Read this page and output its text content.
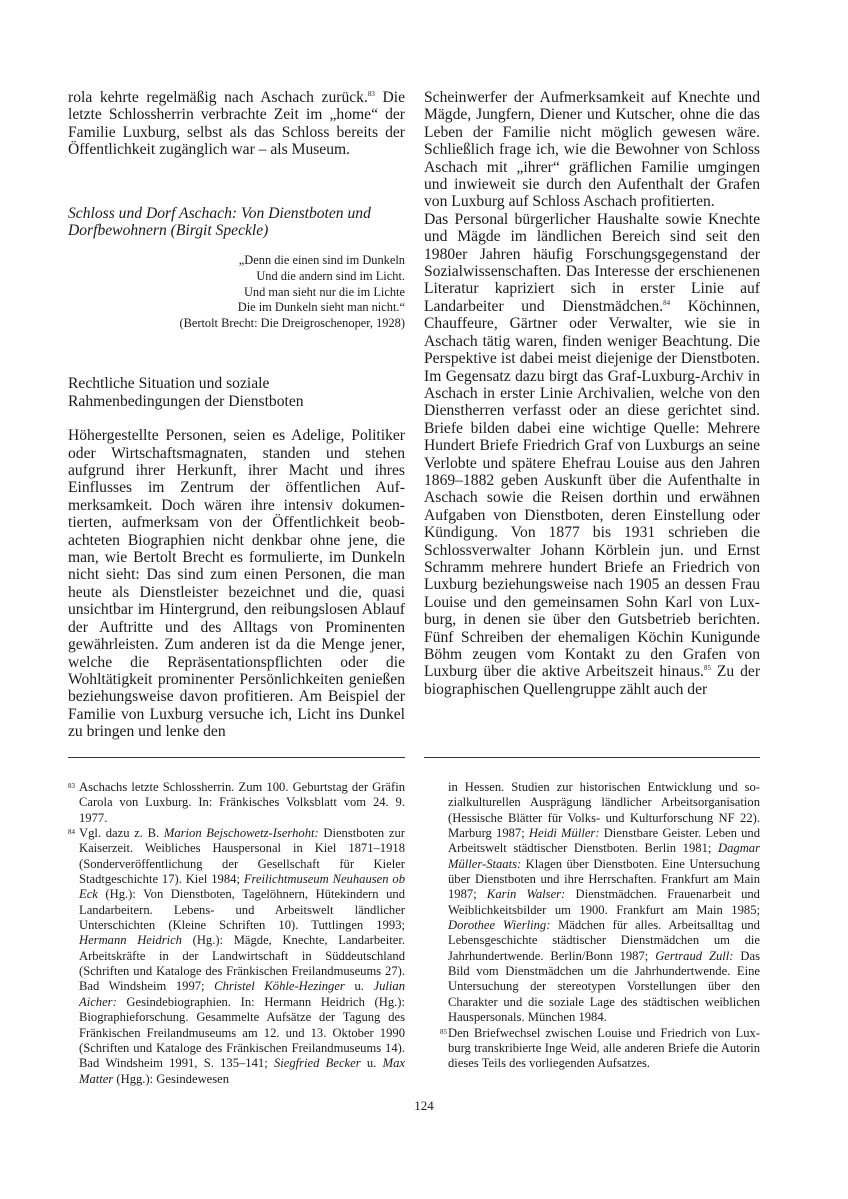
rola kehrte regelmäßig nach Aschach zurück.$^{83}$ Die letzte Schlossherrin verbrachte Zeit im „home“ der Familie Luxburg, selbst als das Schloss bereits der Öffentlichkeit zugänglich war – als Museum.

Schloss und Dorf Aschach: Von Dienstboten und Dorfbewohnern (Birgit Speckle)
„Denn die einen sind im Dunkeln
Und die andern sind im Licht.
Und man sieht nur die im Lichte
Die im Dunkeln sieht man nicht.“
(Bertolt Brecht: Die Dreigroschenoper, 1928)
Rechtliche Situation und soziale Rahmenbedingungen der Dienstboten

Höhergestellte Personen, seien es Adelige, Politiker oder Wirtschaftsmagnaten, standen und stehen aufgrund ihrer Herkunft, ihrer Macht und ihres Einflusses im Zentrum der öffentlichen Aufmerksamkeit. Doch wären ihre intensiv dokumentierten, aufmerksam von der Öffentlichkeit beobachteten Biographien nicht denkbar ohne jene, die man, wie Bertolt Brecht es formulierte, im Dunkeln nicht sieht: Das sind zum einen Personen, die man heute als Dienstleister bezeichnet und die, quasi unsichtbar im Hintergrund, den reibungslosen Ablauf der Auftritte und des Alltags von Prominenten gewährleisten. Zum anderen ist da die Menge jener, welche die Repräsentationspflichten oder die Wohltätigkeit prominenter Persönlichkeiten genießen beziehungsweise davon profitieren. Am Beispiel der Familie von Luxburg versuche ich, Licht ins Dunkel zu bringen und lenke den

Scheinwerfer der Aufmerksamkeit auf Knechte und Mägde, Jungfern, Diener und Kutscher, ohne die das Leben der Familie nicht möglich gewesen wäre. Schließlich frage ich, wie die Bewohner von Schloss Aschach mit „ihrer“ gräflichen Familie umgingen und inwieweit sie durch den Aufenthalt der Grafen von Luxburg auf Schloss Aschach profitierten.

Das Personal bürgerlicher Haushalte sowie Knechte und Mägde im ländlichen Bereich sind seit den 1980er Jahren häufig Forschungsgegenstand der Sozialwissenschaften. Das Interesse der erschienenen Literatur kapriziert sich in erster Linie auf Landarbeiter und Dienstmädchen.$^{84}$ Köchinnen, Chauffeure, Gärtner oder Verwalter, wie sie in Aschach tätig waren, finden weniger Beachtung. Die Perspektive ist dabei meist diejenige der Dienstboten. Im Gegensatz dazu birgt das Graf-Luxburg-Archiv in Aschach in erster Linie Archivalien, welche von den Dienstherren verfasst oder an diese gerichtet sind. Briefe bilden dabei eine wichtige Quelle: Mehrere Hundert Briefe Friedrich Graf von Luxburgs an seine Verlobte und spätere Ehefrau Louise aus den Jahren 1869–1882 geben Auskunft über die Aufenthalte in Aschach sowie die Reisen dorthin und erwähnen Aufgaben von Dienstboten, deren Einstellung oder Kündigung. Von 1877 bis 1931 schrieben die Schlossverwalter Johann Körblein jun. und Ernst Schramm mehrere hundert Briefe an Friedrich von Luxburg beziehungsweise nach 1905 an dessen Frau Louise und den gemeinsamen Sohn Karl von Luxburg, in denen sie über den Gutsbetrieb berichten. Fünf Schreiben der ehemaligen Köchin Kunigunde Böhm zeugen vom Kontakt zu den Grafen von Luxburg über die aktive Arbeitszeit hinaus.$^{85}$ Zu der biographischen Quellengruppe zählt auch der

83 Aschachs letzte Schlossherrin. Zum 100. Geburtstag der Gräfin Carola von Luxburg. In: Fränkisches Volksblatt vom 24. 9. 1977.

84 Vgl. dazu z. B. Marion Bejschowetz-Iserhoht: Dienstboten zur Kaiserzeit. Weibliches Hauspersonal in Kiel 1871–1918 (Sonderveröffentlichung der Gesellschaft für Kieler Stadtgeschichte 17). Kiel 1984; Freilichtmuseum Neuhausen ob Eck (Hg.): Von Dienstboten, Tagelöhnern, Hütekindern und Landarbeitern. Lebens- und Arbeitswelt ländlicher Unterschichten (Kleine Schriften 10). Tuttlingen 1993; Hermann Heidrich (Hg.): Mägde, Knechte, Landarbeiter. Arbeitskräfte in der Landwirtschaft in Süddeutschland (Schriften und Kataloge des Fränkischen Freilandmuseums 27). Bad Windsheim 1997; Christel Köhle-Hezinger u. Julian Aicher: Gesindebiographien. In: Hermann Heidrich (Hg.): Biographieforschung. Gesammelte Aufsätze der Tagung des Fränkischen Freilandmuseums am 12. und 13. Oktober 1990 (Schriften und Kataloge des Fränkischen Freilandmuseums 14). Bad Windsheim 1991, S. 135–141; Siegfried Becker u. Max Matter (Hgg.): Gesindewesen

in Hessen. Studien zur historischen Entwicklung und sozialkulturellen Ausprägung ländlicher Arbeitsorganisation (Hessische Blätter für Volks- und Kulturforschung NF 22). Marburg 1987; Heidi Müller: Dienstbare Geister. Leben und Arbeitswelt städtischer Dienstboten. Berlin 1981; Dagmar Müller-Staats: Klagen über Dienstboten. Eine Untersuchung über Dienstboten und ihre Herrschaften. Frankfurt am Main 1987; Karin Walser: Dienstmädchen. Frauenarbeit und Weiblichkeitsbilder um 1900. Frankfurt am Main 1985; Dorothee Wierling: Mädchen für alles. Arbeitsalltag und Lebensgeschichte städtischer Dienstmädchen um die Jahrhundertwende. Berlin/Bonn 1987; Gertraud Zull: Das Bild vom Dienstmädchen um die Jahrhundertwende. Eine Untersuchung der stereotypen Vorstellungen über den Charakter und die soziale Lage des städtischen weiblichen Hauspersonals. München 1984.

85 Den Briefwechsel zwischen Louise und Friedrich von Luxburg transkribierte Inge Weid, alle anderen Briefe die Autorin dieses Teils des vorliegenden Aufsatzes.

124
